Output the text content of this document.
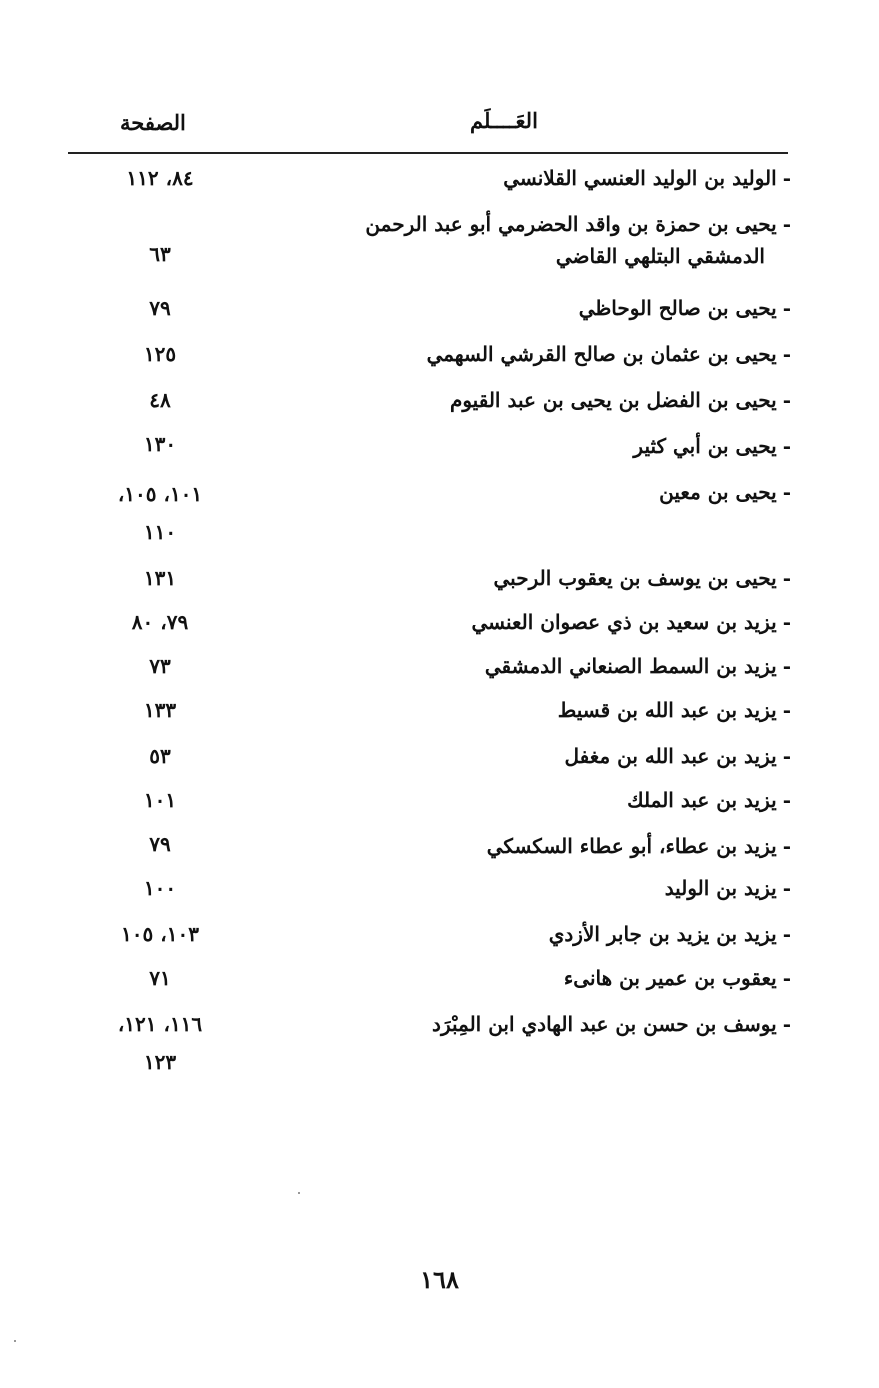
العَــــلَم
الصفحة
-الوليد بن الوليد العنسي القلانسي
٨٤، ١١٢
-يحيى بن حمزة بن واقد الحضرمي أبو عبد الرحمن
الدمشقي البتلهي القاضي
٦٣
-يحيى بن صالح الوحاظي
٧٩
-يحيى بن عثمان بن صالح القرشي السهمي
١٢٥
-يحيى بن الفضل بن يحيى بن عبد القيوم
٤٨
-يحيى بن أبي كثير
١٣٠
-يحيى بن معين
١٠١، ١٠٥،
١١٠
-يحيى بن يوسف بن يعقوب الرحبي
١٣١
-يزيد بن سعيد بن ذي عصوان العنسي
٧٩، ٨٠
-يزيد بن السمط الصنعاني الدمشقي
٧٣
-يزيد بن عبد الله بن قسيط
١٣٣
-يزيد بن عبد الله بن مغفل
٥٣
-يزيد بن عبد الملك
١٠١
-يزيد بن عطاء، أبو عطاء السكسكي
٧٩
-يزيد بن الوليد
١٠٠
-يزيد بن يزيد بن جابر الأزدي
١٠٣، ١٠٥
-يعقوب بن عمير بن هانىء
٧١
-يوسف بن حسن بن عبد الهادي ابن المِبْرَد
١١٦، ١٢١،
١٢٣
١٦٨
